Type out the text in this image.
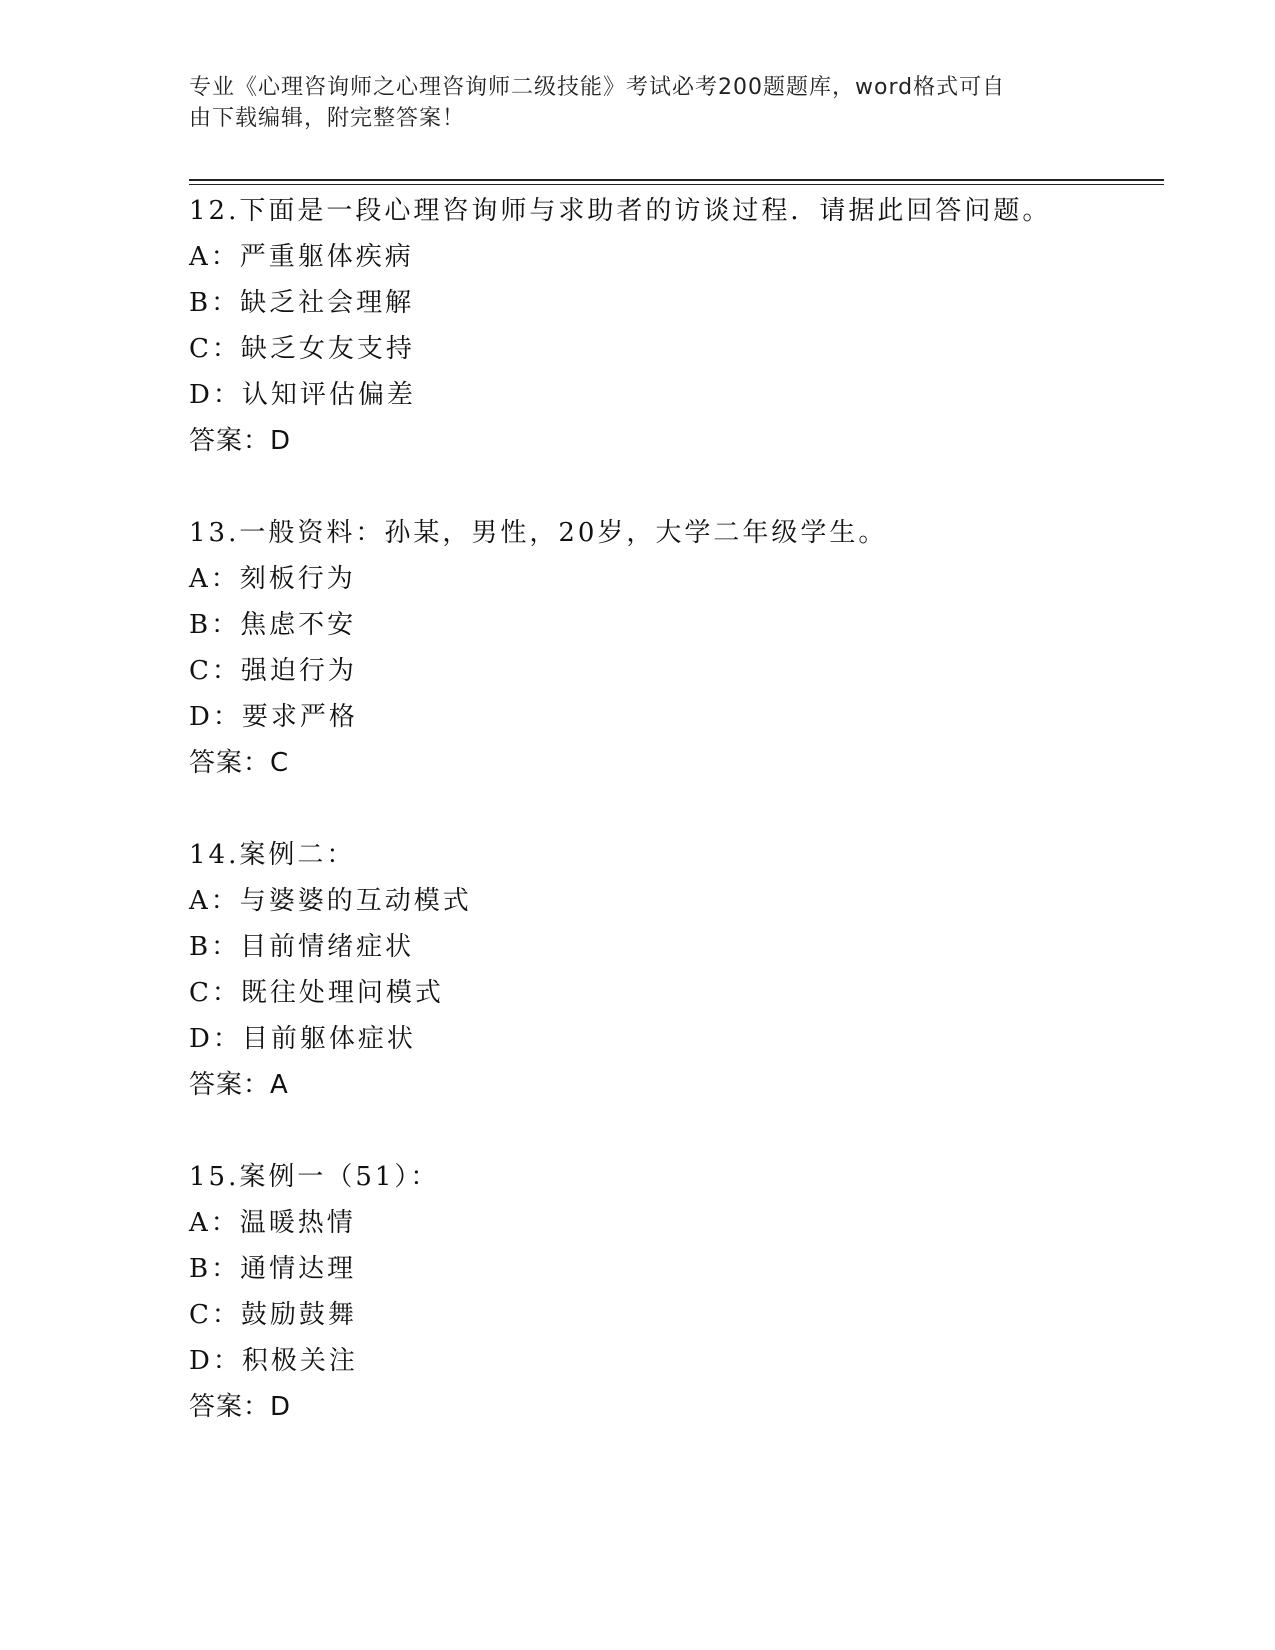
专业《心理咨询师之心理咨询师二级技能》考试必考200题题库，word格式可自
由下载编辑，附完整答案！
12.下面是一段心理咨询师与求助者的访谈过程．请据此回答问题。
A：严重躯体疾病
B：缺乏社会理解
C：缺乏女友支持
D：认知评估偏差
答案：D
13.一般资料：孙某，男性，20岁，大学二年级学生。
A：刻板行为
B：焦虑不安
C：强迫行为
D：要求严格
答案：C
14.案例二：
A：与婆婆的互动模式
B：目前情绪症状
C：既往处理问模式
D：目前躯体症状
答案：A
15.案例一（51）：
A：温暖热情
B：通情达理
C：鼓励鼓舞
D：积极关注
答案：D
